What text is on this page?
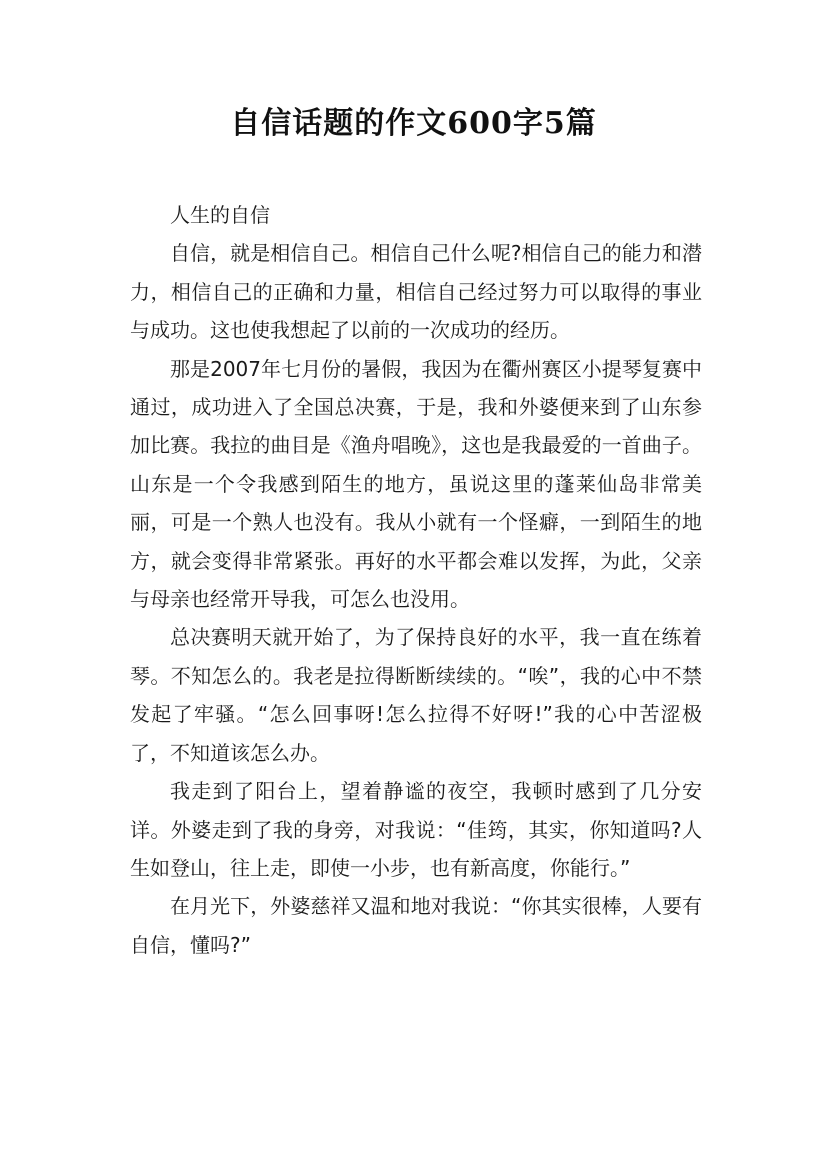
自信话题的作文600字5篇

人生的自信

自信，就是相信自己。相信自己什么呢?相信自己的能力和潜力，相信自己的正确和力量，相信自己经过努力可以取得的事业与成功。这也使我想起了以前的一次成功的经历。

那是2007年七月份的暑假，我因为在衢州赛区小提琴复赛中通过，成功进入了全国总决赛，于是，我和外婆便来到了山东参加比赛。我拉的曲目是《渔舟唱晚》，这也是我最爱的一首曲子。山东是一个令我感到陌生的地方，虽说这里的蓬莱仙岛非常美丽，可是一个熟人也没有。我从小就有一个怪癖，一到陌生的地方，就会变得非常紧张。再好的水平都会难以发挥，为此，父亲与母亲也经常开导我，可怎么也没用。

总决赛明天就开始了，为了保持良好的水平，我一直在练着琴。不知怎么的。我老是拉得断断续续的。“唉”，我的心中不禁发起了牢骚。“怎么回事呀!怎么拉得不好呀!”我的心中苦涩极了，不知道该怎么办。

我走到了阳台上，望着静谧的夜空，我顿时感到了几分安详。外婆走到了我的身旁，对我说：“佳筠，其实，你知道吗?人生如登山，往上走，即使一小步，也有新高度，你能行。”

在月光下，外婆慈祥又温和地对我说：“你其实很棒，人要有自信，懂吗?”
